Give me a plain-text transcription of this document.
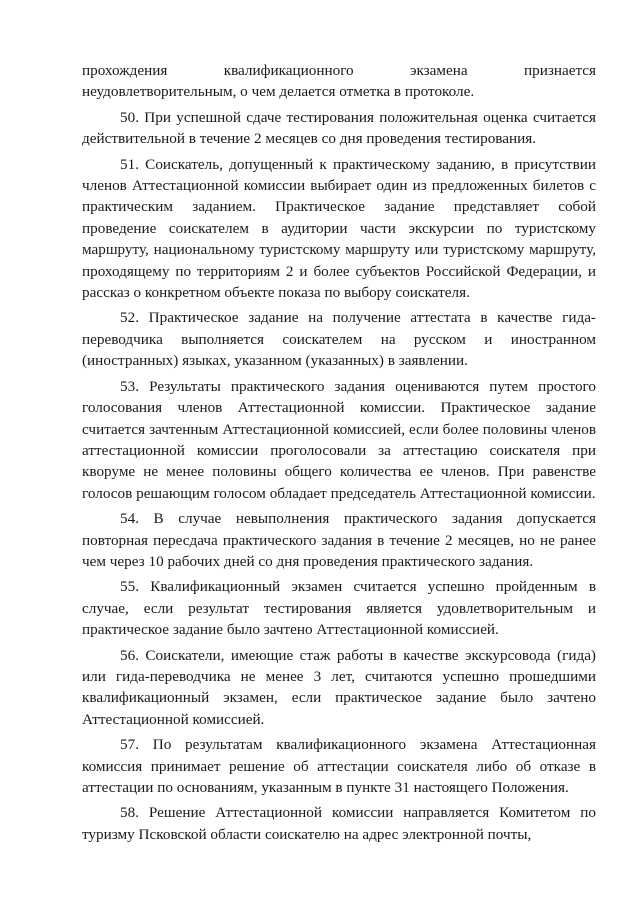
прохождения квалификационного экзамена признается неудовлетворительным, о чем делается отметка в протоколе.

50. При успешной сдаче тестирования положительная оценка считается действительной в течение 2 месяцев со дня проведения тестирования.

51. Соискатель, допущенный к практическому заданию, в присутствии членов Аттестационной комиссии выбирает один из предложенных билетов с практическим заданием. Практическое задание представляет собой проведение соискателем в аудитории части экскурсии по туристскому маршруту, национальному туристскому маршруту или туристскому маршруту, проходящему по территориям 2 и более субъектов Российской Федерации, и рассказ о конкретном объекте показа по выбору соискателя.

52. Практическое задание на получение аттестата в качестве гида-переводчика выполняется соискателем на русском и иностранном (иностранных) языках, указанном (указанных) в заявлении.

53. Результаты практического задания оцениваются путем простого голосования членов Аттестационной комиссии. Практическое задание считается зачтенным Аттестационной комиссией, если более половины членов аттестационной комиссии проголосовали за аттестацию соискателя при кворуме не менее половины общего количества ее членов. При равенстве голосов решающим голосом обладает председатель Аттестационной комиссии.

54. В случае невыполнения практического задания допускается повторная пересдача практического задания в течение 2 месяцев, но не ранее чем через 10 рабочих дней со дня проведения практического задания.

55. Квалификационный экзамен считается успешно пройденным в случае, если результат тестирования является удовлетворительным и практическое задание было зачтено Аттестационной комиссией.

56. Соискатели, имеющие стаж работы в качестве экскурсовода (гида) или гида-переводчика не менее 3 лет, считаются успешно прошедшими квалификационный экзамен, если практическое задание было зачтено Аттестационной комиссией.

57. По результатам квалификационного экзамена Аттестационная комиссия принимает решение об аттестации соискателя либо об отказе в аттестации по основаниям, указанным в пункте 31 настоящего Положения.

58. Решение Аттестационной комиссии направляется Комитетом по туризму Псковской области соискателю на адрес электронной почты,
